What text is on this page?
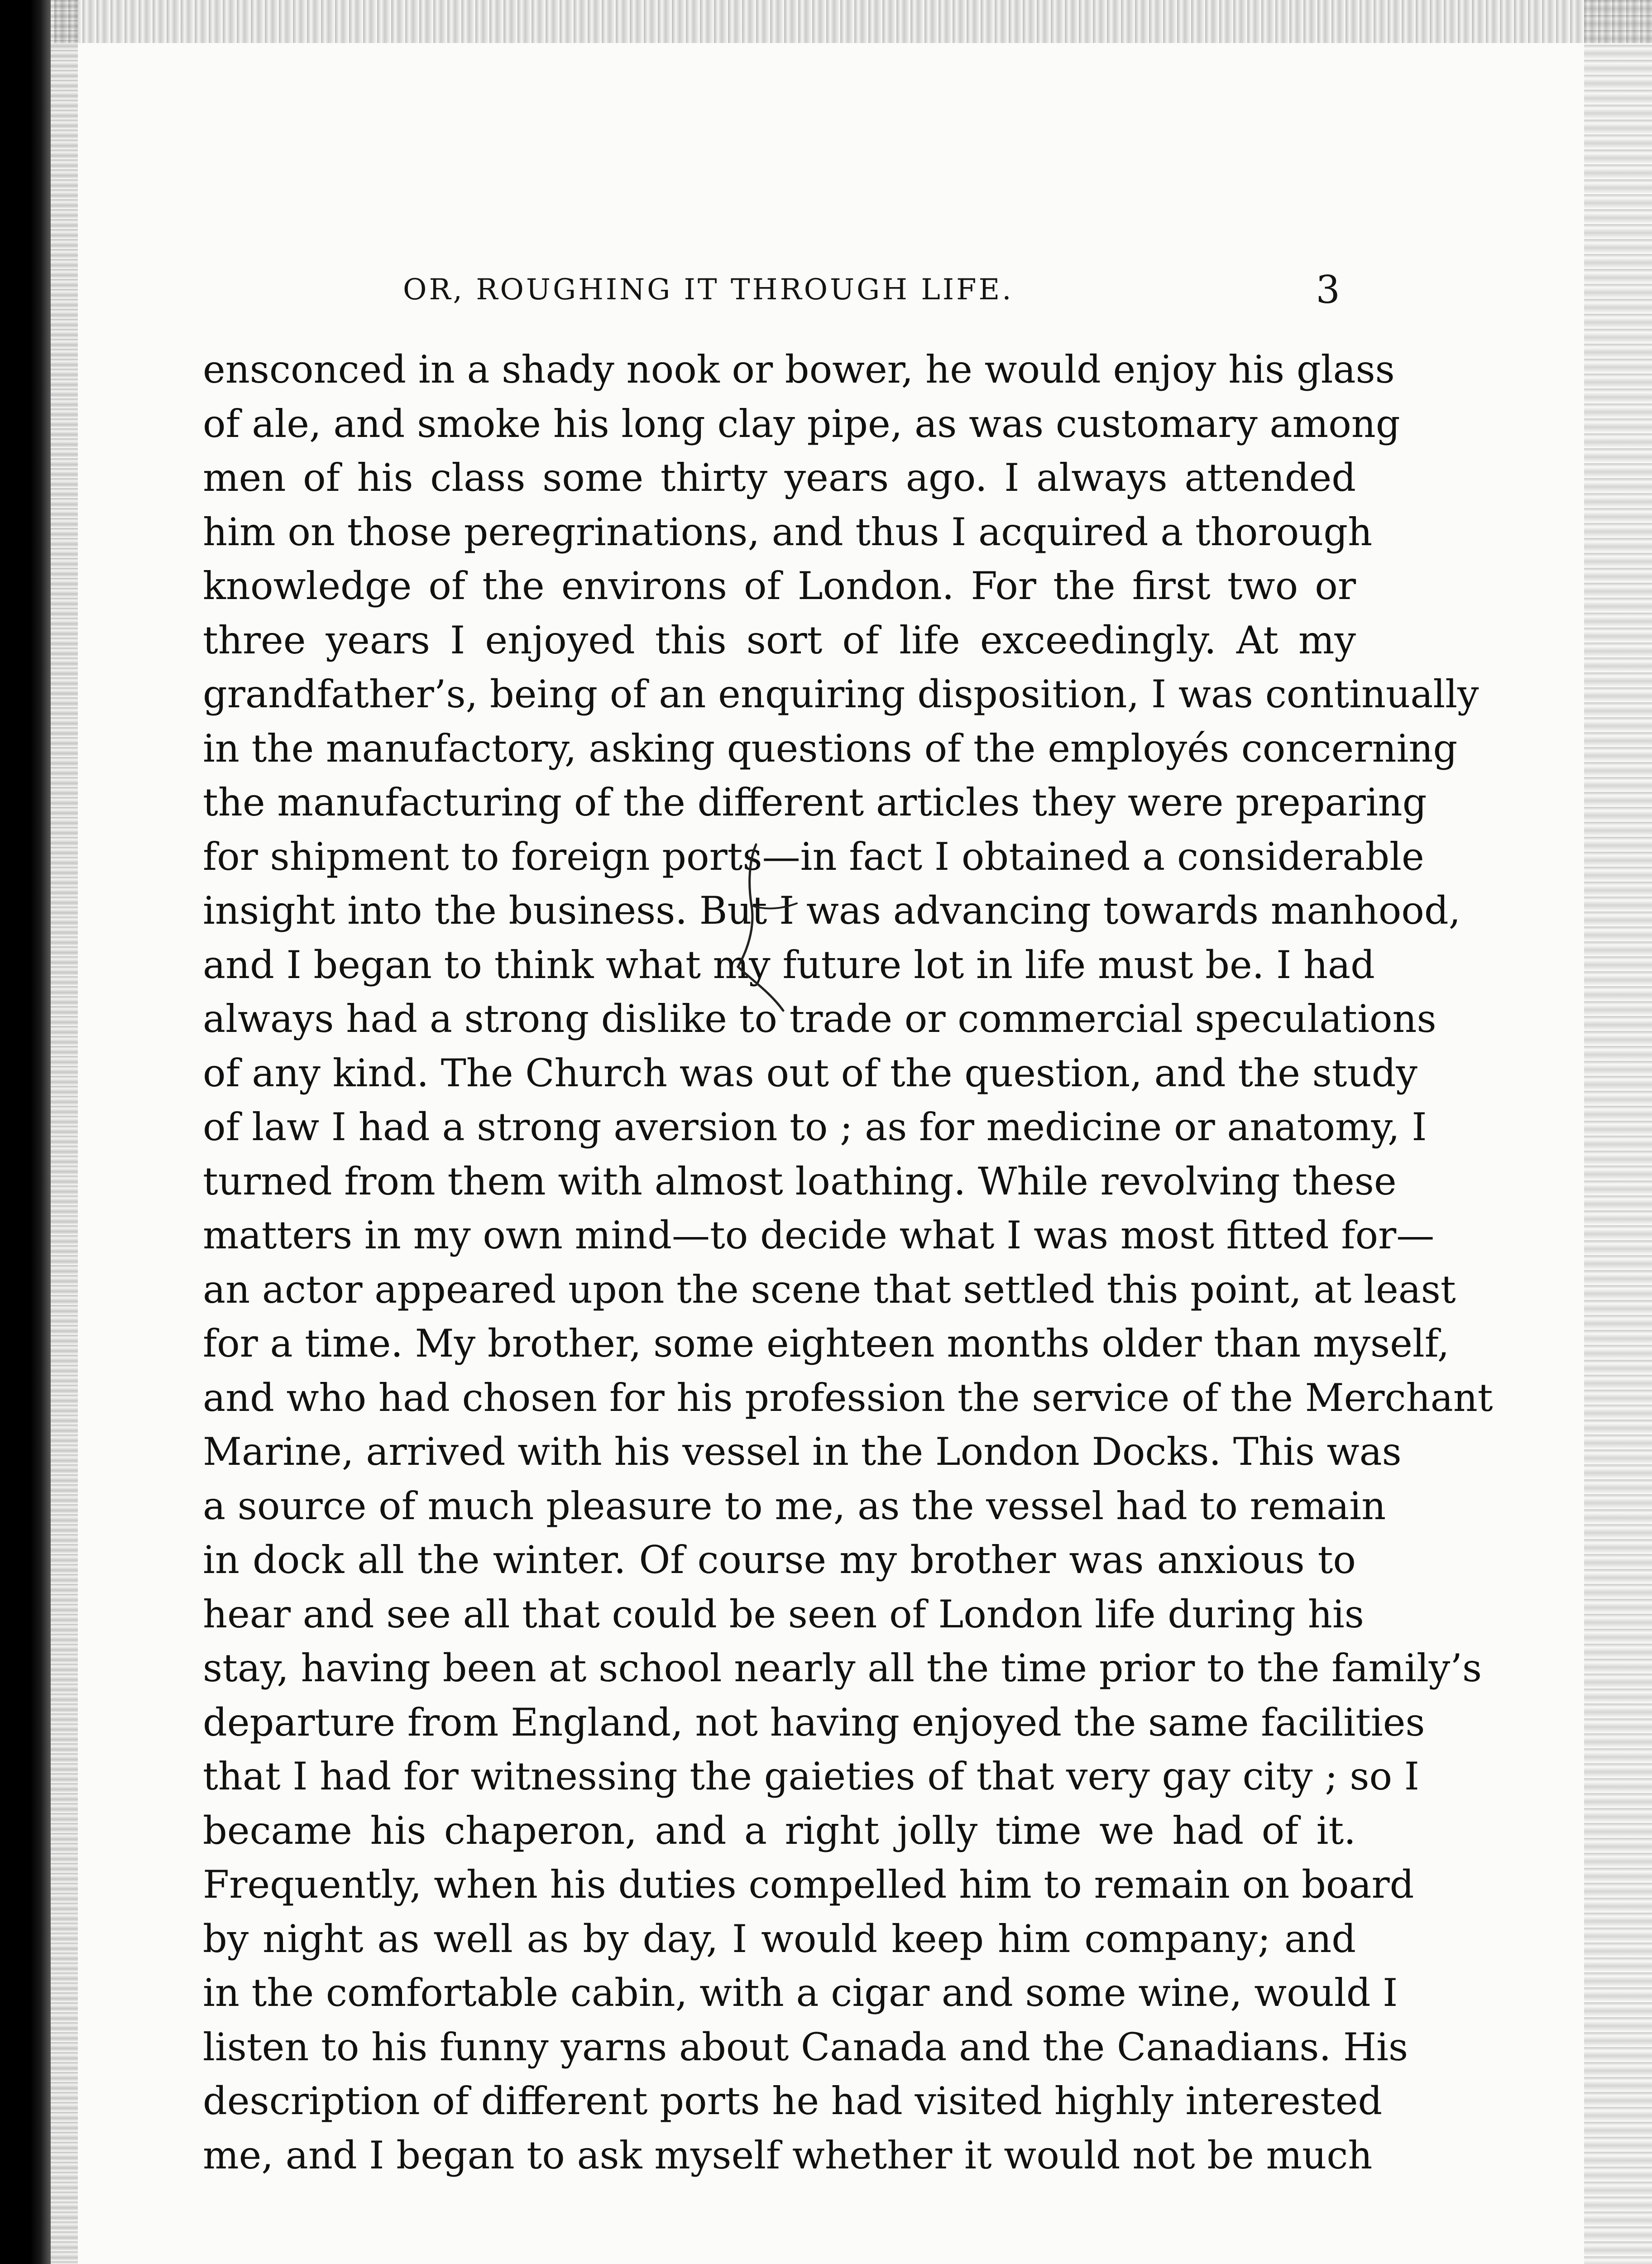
OR, ROUGHING IT THROUGH LIFE.	3
ensconced in a shady nook or bower, he would enjoy his glass
of ale, and smoke his long clay pipe, as was customary among
men of his class some thirty years ago. I always attended
him on those peregrinations, and thus I acquired a thorough
knowledge of the environs of London. For the first two or
three years I enjoyed this sort of life exceedingly. At my
grandfather’s, being of an enquiring disposition, I was continually
in the manufactory, asking questions of the employés concerning
the manufacturing of the different articles they were preparing
for shipment to foreign ports—in fact I obtained a considerable
insight into the business. But I was advancing towards manhood,
and I began to think what my future lot in life must be. I had
always had a strong dislike to trade or commercial speculations
of any kind. The Church was out of the question, and the study
of law I had a strong aversion to ; as for medicine or anatomy, I
turned from them with almost loathing. While revolving these
matters in my own mind—to decide what I was most fitted for—
an actor appeared upon the scene that settled this point, at least
for a time. My brother, some eighteen months older than myself,
and who had chosen for his profession the service of the Merchant
Marine, arrived with his vessel in the London Docks. This was
a source of much pleasure to me, as the vessel had to remain
in dock all the winter. Of course my brother was anxious to
hear and see all that could be seen of London life during his
stay, having been at school nearly all the time prior to the family’s
departure from England, not having enjoyed the same facilities
that I had for witnessing the gaieties of that very gay city ; so I
became his chaperon, and a right jolly time we had of it.
Frequently, when his duties compelled him to remain on board
by night as well as by day, I would keep him company; and
in the comfortable cabin, with a cigar and some wine, would I
listen to his funny yarns about Canada and the Canadians. His
description of different ports he had visited highly interested
me, and I began to ask myself whether it would not be much
